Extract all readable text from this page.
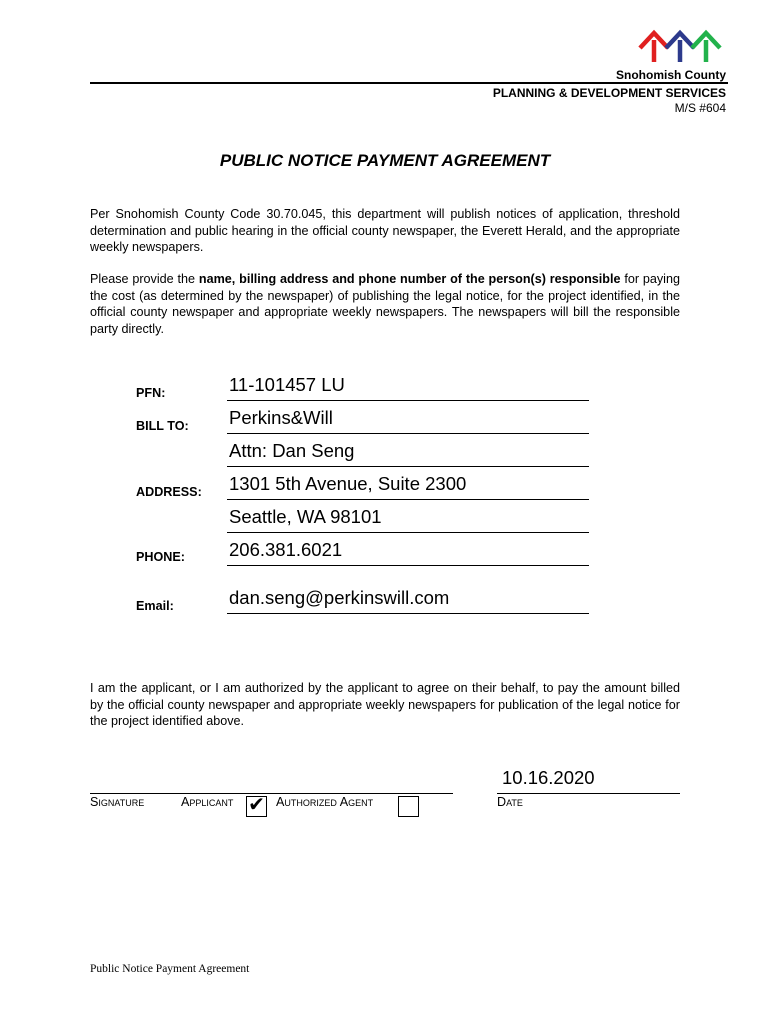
Snohomish County
PLANNING & DEVELOPMENT SERVICES
M/S #604
PUBLIC NOTICE PAYMENT AGREEMENT
Per Snohomish County Code 30.70.045, this department will publish notices of application, threshold determination and public hearing in the official county newspaper, the Everett Herald, and the appropriate weekly newspapers.
Please provide the name, billing address and phone number of the person(s) responsible for paying the cost (as determined by the newspaper) of publishing the legal notice, for the project identified, in the official county newspaper and appropriate weekly newspapers. The newspapers will bill the responsible party directly.
PFN:	11-101457 LU
BILL TO: Perkins&Will
Attn: Dan Seng
ADDRESS: 1301 5th Avenue, Suite 2300
Seattle, WA 98101
PHONE: 206.381.6021
Email:	dan.seng@perkinswill.com
I am the applicant, or I am authorized by the applicant to agree on their behalf, to pay the amount billed by the official county newspaper and appropriate weekly newspapers for publication of the legal notice for the project identified above.
10.16.2020
Signature	Applicant ✔ Authorized Agent	Date
Public Notice Payment Agreement
